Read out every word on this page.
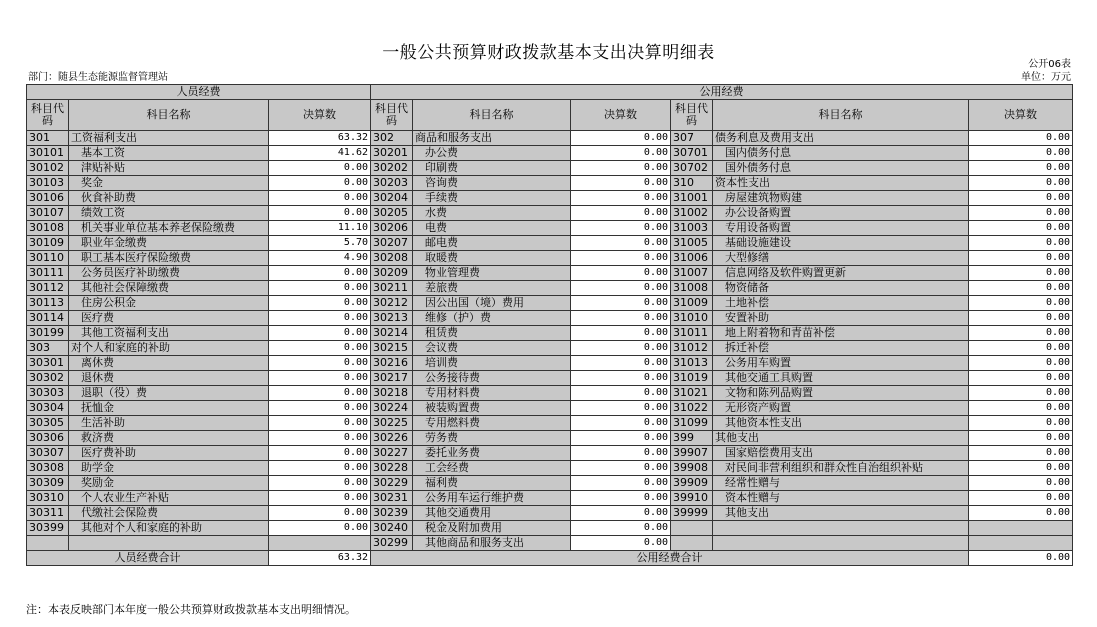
一般公共预算财政拨款基本支出决算明细表
公开06表
单位：万元
部门：随县生态能源监督管理站
人员经费			公用经费					
科目代码	科目名称	决算数	科目代码	科目名称	决算数	科目代码	科目名称	决算数
301	工资福利支出	63.32	302	商品和服务支出	0.00	307	债务利息及费用支出	0.00
30101	基本工资	41.62	30201	办公费	0.00	30701	国内债务付息	0.00
30102	津贴补贴	0.00	30202	印刷费	0.00	30702	国外债务付息	0.00
30103	奖金	0.00	30203	咨询费	0.00	310	资本性支出	0.00
30106	伙食补助费	0.00	30204	手续费	0.00	31001	房屋建筑物购建	0.00
30107	绩效工资	0.00	30205	水费	0.00	31002	办公设备购置	0.00
30108	机关事业单位基本养老保险缴费	11.10	30206	电费	0.00	31003	专用设备购置	0.00
30109	职业年金缴费	5.70	30207	邮电费	0.00	31005	基础设施建设	0.00
30110	职工基本医疗保险缴费	4.90	30208	取暖费	0.00	31006	大型修缮	0.00
30111	公务员医疗补助缴费	0.00	30209	物业管理费	0.00	31007	信息网络及软件购置更新	0.00
30112	其他社会保障缴费	0.00	30211	差旅费	0.00	31008	物资储备	0.00
30113	住房公积金	0.00	30212	因公出国（境）费用	0.00	31009	土地补偿	0.00
30114	医疗费	0.00	30213	维修（护）费	0.00	31010	安置补助	0.00
30199	其他工资福利支出	0.00	30214	租赁费	0.00	31011	地上附着物和青苗补偿	0.00
303	对个人和家庭的补助	0.00	30215	会议费	0.00	31012	拆迁补偿	0.00
30301	离休费	0.00	30216	培训费	0.00	31013	公务用车购置	0.00
30302	退休费	0.00	30217	公务接待费	0.00	31019	其他交通工具购置	0.00
30303	退职（役）费	0.00	30218	专用材料费	0.00	31021	文物和陈列品购置	0.00
30304	抚恤金	0.00	30224	被装购置费	0.00	31022	无形资产购置	0.00
30305	生活补助	0.00	30225	专用燃料费	0.00	31099	其他资本性支出	0.00
30306	救济费	0.00	30226	劳务费	0.00	399	其他支出	0.00
30307	医疗费补助	0.00	30227	委托业务费	0.00	39907	国家赔偿费用支出	0.00
30308	助学金	0.00	30228	工会经费	0.00	39908	对民间非营利组织和群众性自治组织补贴	0.00
30309	奖励金	0.00	30229	福利费	0.00	39909	经常性赠与	0.00
30310	个人农业生产补贴	0.00	30231	公务用车运行维护费	0.00	39910	资本性赠与	0.00
30311	代缴社会保险费	0.00	30239	其他交通费用	0.00	39999	其他支出	0.00
30399	其他对个人和家庭的补助	0.00	30240	税金及附加费用	0.00			
			30299	其他商品和服务支出	0.00			
人员经费合计		63.32	公用经费合计					0.00
注：本表反映部门本年度一般公共预算财政拨款基本支出明细情况。
